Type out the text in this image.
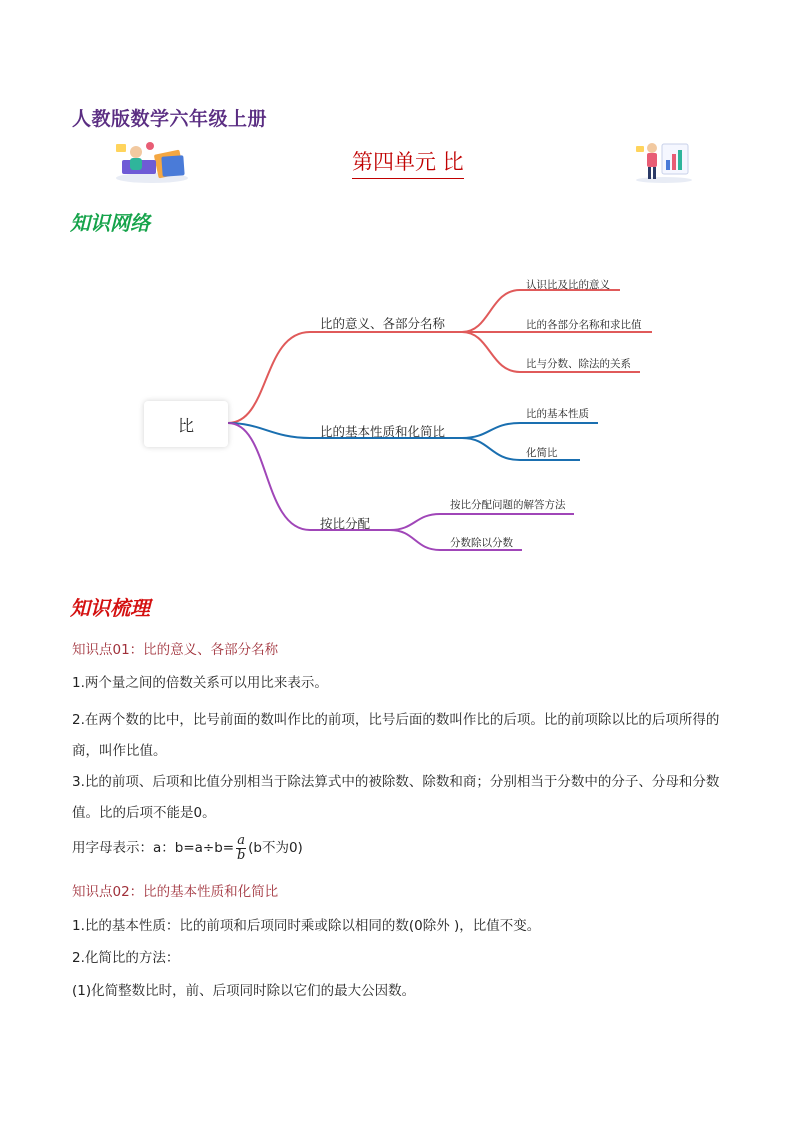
人教版数学六年级上册
第四单元 比
知识网络
比
比的意义、各部分名称
认识比及比的意义
比的各部分名称和求比值
比与分数、除法的关系
比的基本性质和化简比
比的基本性质
化简比
按比分配
按比分配问题的解答方法
分数除以分数
知识梳理
知识点01：比的意义、各部分名称
1.两个量之间的倍数关系可以用比来表示。
2.在两个数的比中，比号前面的数叫作比的前项，比号后面的数叫作比的后项。比的前项除以比的后项所得的商，叫作比值。
3.比的前项、后项和比值分别相当于除法算式中的被除数、除数和商；分别相当于分数中的分子、分母和分数值。比的后项不能是0。
用字母表示：a：$b=a\div b= \frac{a}{b} (b$不为0)
知识点02：比的基本性质和化简比
1.比的基本性质：比的前项和后项同时乘或除以相同的数(0除外 )，比值不变。
2.化简比的方法：
(1)化简整数比时，前、后项同时除以它们的最大公因数。
